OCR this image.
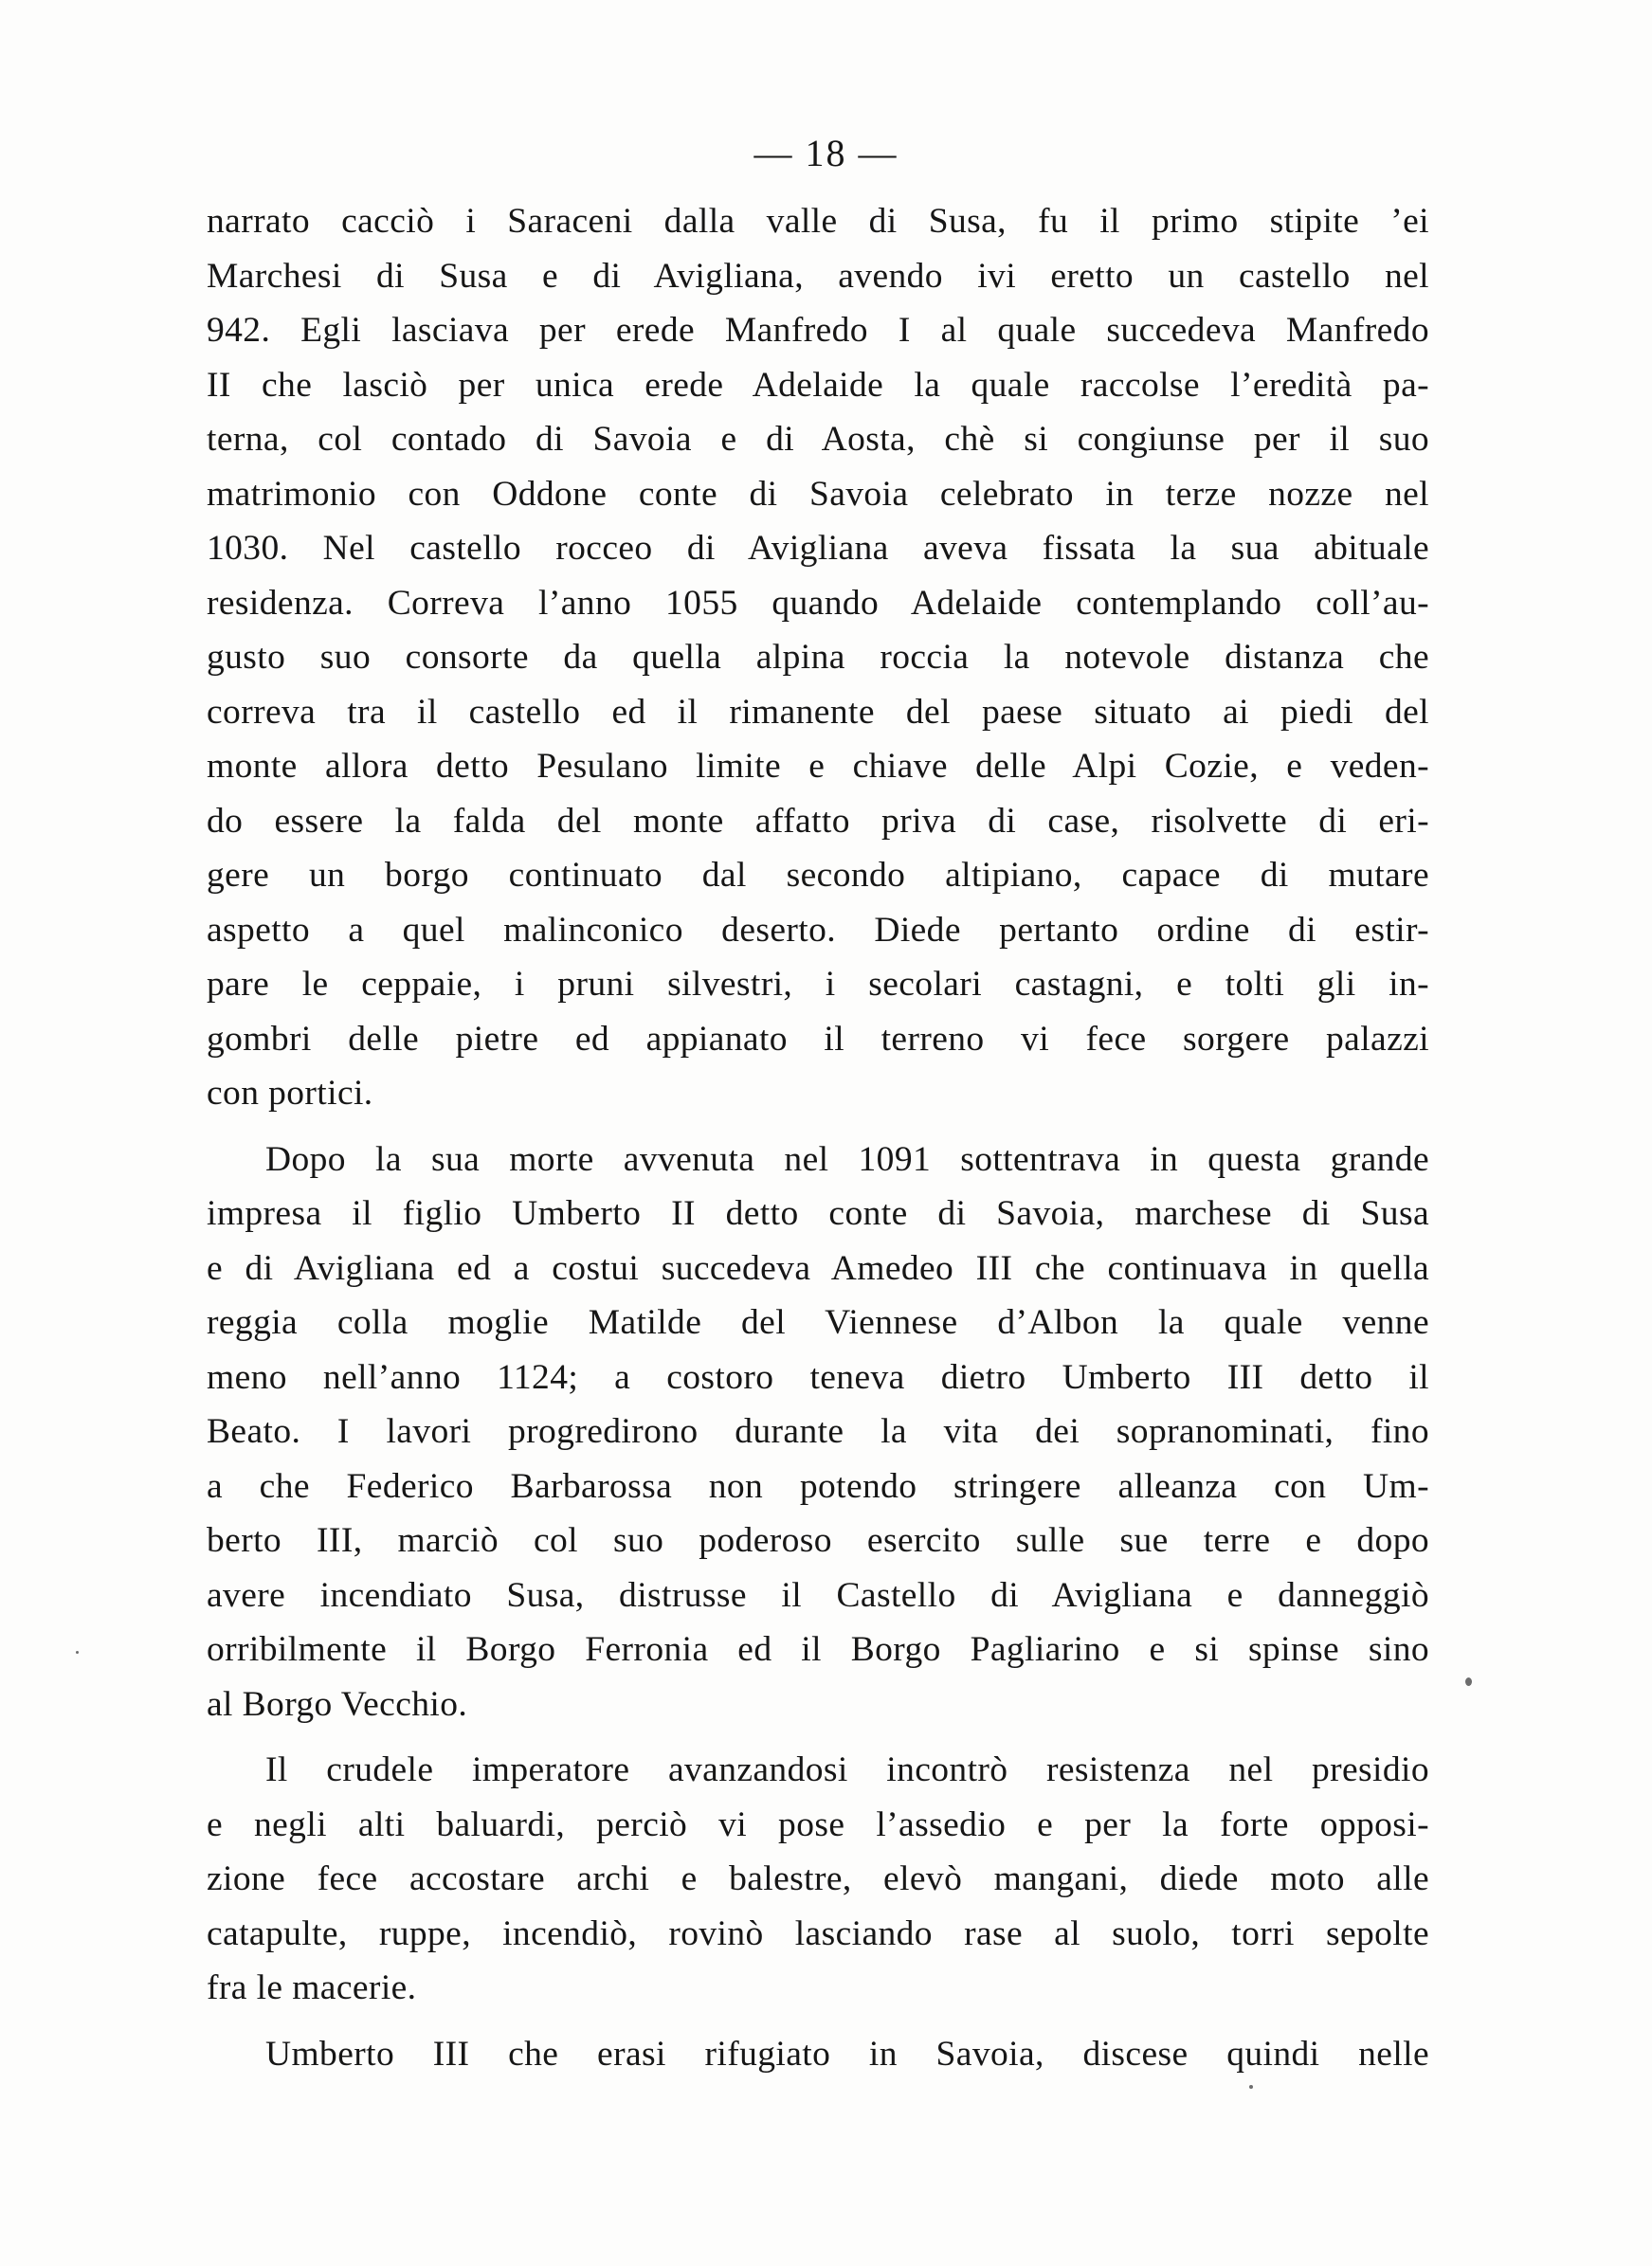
— 18 —
narrato cacciò i Saraceni dalla valle di Susa, fu il primo stipite ’ei
Marchesi di Susa e di Avigliana, avendo ivi eretto un castello nel
942. Egli lasciava per erede Manfredo I al quale succedeva Manfredo
II che lasciò per unica erede Adelaide la quale raccolse l’eredità pa-
terna, col contado di Savoia e di Aosta, chè si congiunse per il suo
matrimonio con Oddone conte di Savoia celebrato in terze nozze nel
1030. Nel castello rocceo di Avigliana aveva fissata la sua abituale
residenza. Correva l’anno 1055 quando Adelaide contemplando coll’au-
gusto suo consorte da quella alpina roccia la notevole distanza che
correva tra il castello ed il rimanente del paese situato ai piedi del
monte allora detto Pesulano limite e chiave delle Alpi Cozie, e veden-
do essere la falda del monte affatto priva di case, risolvette di eri-
gere un borgo continuato dal secondo altipiano, capace di mutare
aspetto a quel malinconico deserto. Diede pertanto ordine di estir-
pare le ceppaie, i pruni silvestri, i secolari castagni, e tolti gli in-
gombri delle pietre ed appianato il terreno vi fece sorgere palazzi
con portici.
Dopo la sua morte avvenuta nel 1091 sottentrava in questa grande
impresa il figlio Umberto II detto conte di Savoia, marchese di Susa
e di Avigliana ed a costui succedeva Amedeo III che continuava in quella
reggia colla moglie Matilde del Viennese d’Albon la quale venne
meno nell’anno 1124; a costoro teneva dietro Umberto III detto il
Beato. I lavori progredirono durante la vita dei sopranominati, fino
a che Federico Barbarossa non potendo stringere alleanza con Um-
berto III, marciò col suo poderoso esercito sulle sue terre e dopo
avere incendiato Susa, distrusse il Castello di Avigliana e danneggiò
orribilmente il Borgo Ferronia ed il Borgo Pagliarino e si spinse sino
al Borgo Vecchio.
Il crudele imperatore avanzandosi incontrò resistenza nel presidio
e negli alti baluardi, perciò vi pose l’assedio e per la forte opposi-
zione fece accostare archi e balestre, elevò mangani, diede moto alle
catapulte, ruppe, incendiò, rovinò lasciando rase al suolo, torri sepolte
fra le macerie.
Umberto III che erasi rifugiato in Savoia, discese quindi nelle
